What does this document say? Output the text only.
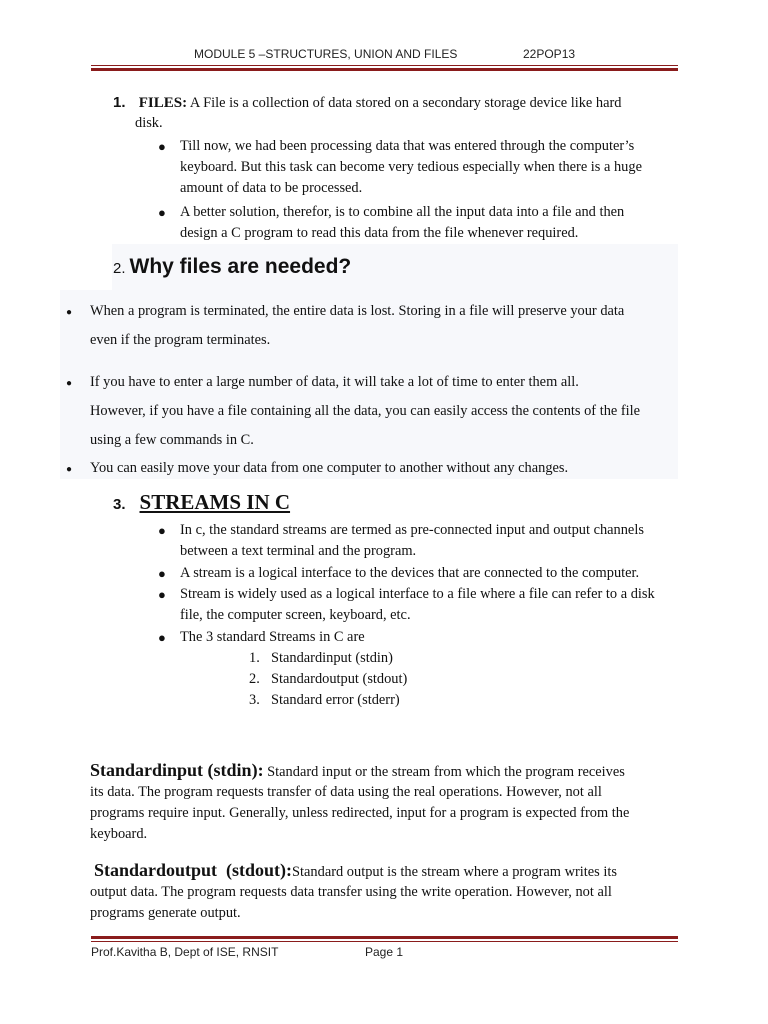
MODULE 5 –STRUCTURES, UNION AND FILES	22POP13
1. FILES: A File is a collection of data stored on a secondary storage device like hard
disk.
● Till now, we had been processing data that was entered through the computer’s
keyboard. But this task can become very tedious especially when there is a huge
amount of data to be processed.
● A better solution, therefor, is to combine all the input data into a file and then
design a C program to read this data from the file whenever required.
2. Why files are needed?
● When a program is terminated, the entire data is lost. Storing in a file will preserve your data
even if the program terminates.
● If you have to enter a large number of data, it will take a lot of time to enter them all.
However, if you have a file containing all the data, you can easily access the contents of the file
using a few commands in C.
● You can easily move your data from one computer to another without any changes.
3. STREAMS IN C
● In c, the standard streams are termed as pre-connected input and output channels
between a text terminal and the program.
● A stream is a logical interface to the devices that are connected to the computer.
● Stream is widely used as a logical interface to a file where a file can refer to a disk
file, the computer screen, keyboard, etc.
● The 3 standard Streams in C are
1. Standardinput (stdin)
2. Standardoutput (stdout)
3. Standard error (stderr)
Standardinput (stdin): Standard input or the stream from which the program receives
its data. The program requests transfer of data using the real operations. However, not all
programs require input. Generally, unless redirected, input for a program is expected from the
keyboard.
Standardoutput  (stdout):Standard output is the stream where a program writes its
output data. The program requests data transfer using the write operation. However, not all
programs generate output.
Prof.Kavitha B, Dept of ISE, RNSIT	Page 1
